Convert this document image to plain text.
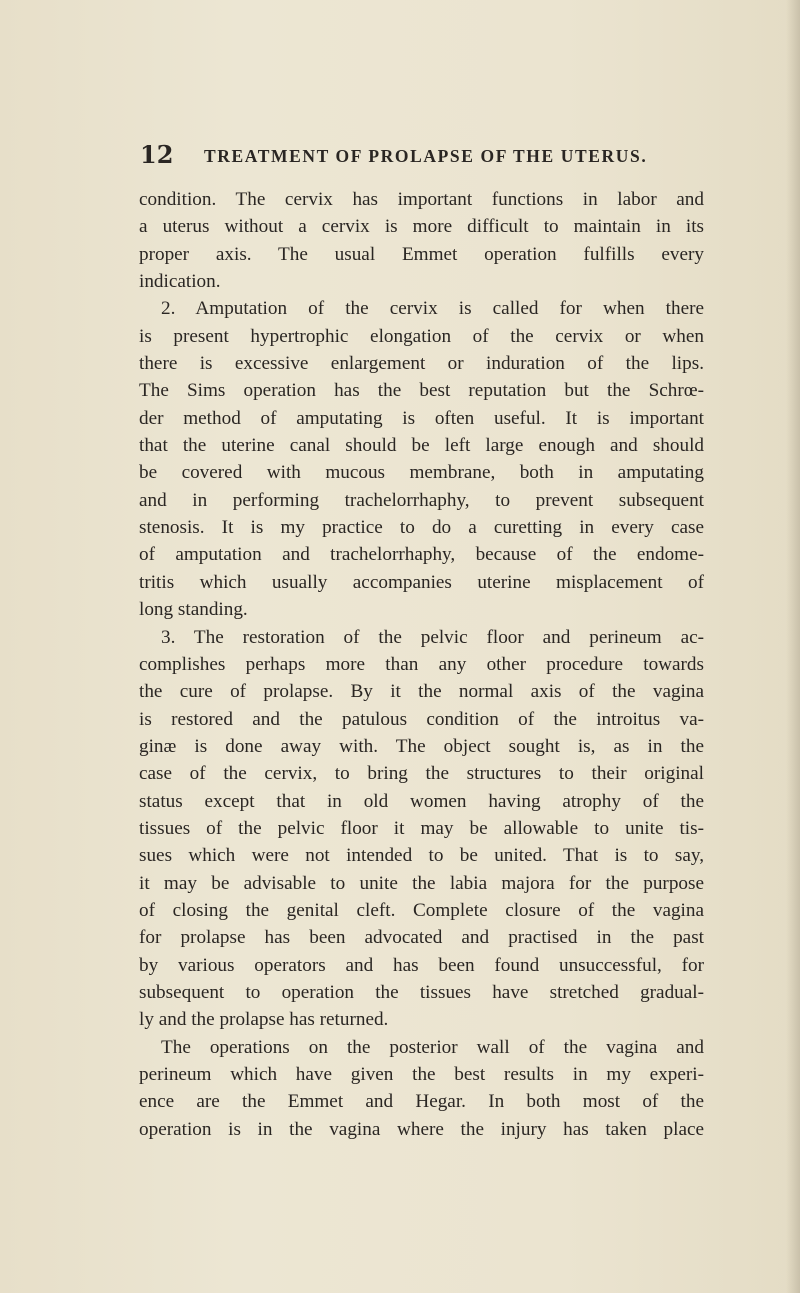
12 TREATMENT OF PROLAPSE OF THE UTERUS.
condition. The cervix has important functions in labor and
a uterus without a cervix is more difficult to maintain in its
proper axis. The usual Emmet operation fulfills every
indication.
2. Amputation of the cervix is called for when there
is present hypertrophic elongation of the cervix or when
there is excessive enlargement or induration of the lips.
The Sims operation has the best reputation but the Schrœ-
der method of amputating is often useful. It is important
that the uterine canal should be left large enough and should
be covered with mucous membrane, both in amputating
and in performing trachelorrhaphy, to prevent subsequent
stenosis. It is my practice to do a curetting in every case
of amputation and trachelorrhaphy, because of the endome-
tritis which usually accompanies uterine misplacement of
long standing.
3. The restoration of the pelvic floor and perineum ac-
complishes perhaps more than any other procedure towards
the cure of prolapse. By it the normal axis of the vagina
is restored and the patulous condition of the introitus va-
ginæ is done away with. The object sought is, as in the
case of the cervix, to bring the structures to their original
status except that in old women having atrophy of the
tissues of the pelvic floor it may be allowable to unite tis-
sues which were not intended to be united. That is to say,
it may be advisable to unite the labia majora for the purpose
of closing the genital cleft. Complete closure of the vagina
for prolapse has been advocated and practised in the past
by various operators and has been found unsuccessful, for
subsequent to operation the tissues have stretched gradual-
ly and the prolapse has returned.
The operations on the posterior wall of the vagina and
perineum which have given the best results in my experi-
ence are the Emmet and Hegar. In both most of the
operation is in the vagina where the injury has taken place
